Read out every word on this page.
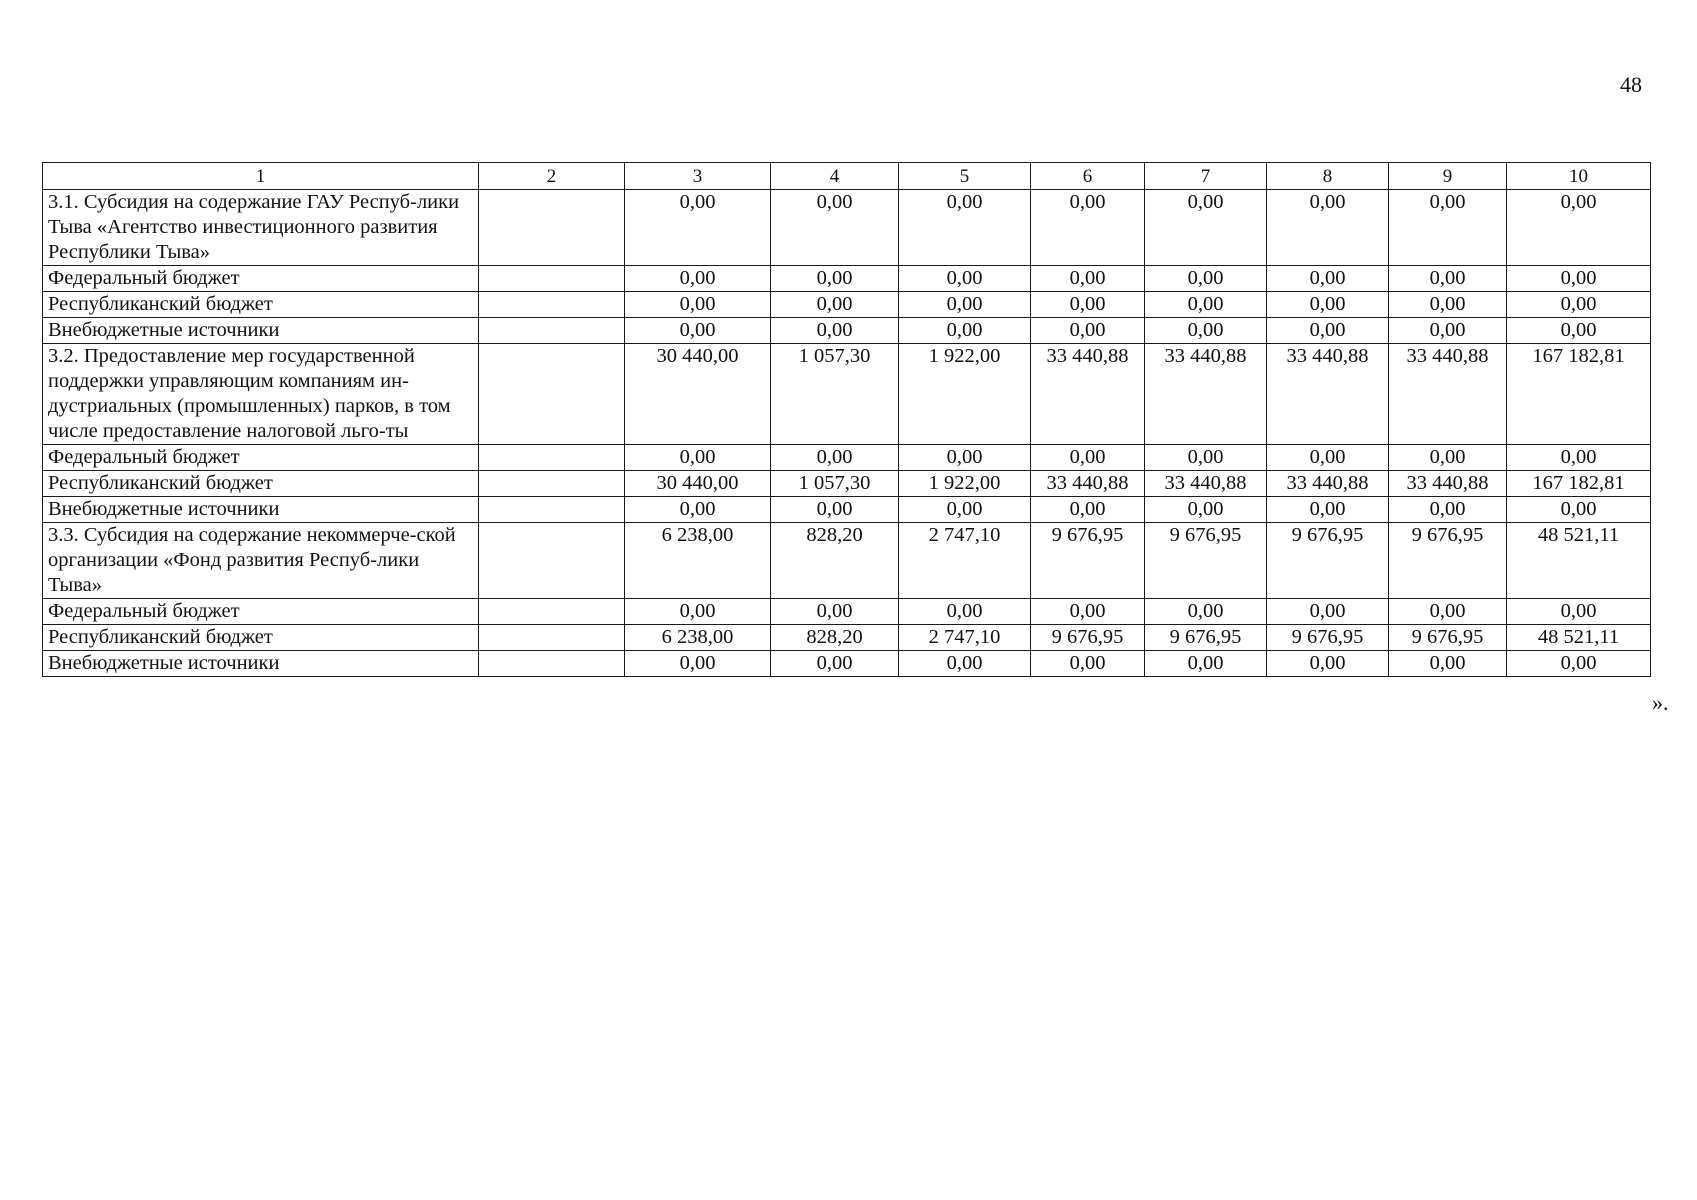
48
1	2	3	4	5	6	7	8	9	10
3.1. Субсидия на содержание ГАУ Респуб-лики Тыва «Агентство инвестиционного развития Республики Тыва»		0,00	0,00	0,00	0,00	0,00	0,00	0,00	0,00
Федеральный бюджет		0,00	0,00	0,00	0,00	0,00	0,00	0,00	0,00
Республиканский бюджет		0,00	0,00	0,00	0,00	0,00	0,00	0,00	0,00
Внебюджетные источники		0,00	0,00	0,00	0,00	0,00	0,00	0,00	0,00
3.2. Предоставление мер государственной поддержки управляющим компаниям ин-дустриальных (промышленных) парков, в том числе предоставление налоговой льго-ты		30 440,00	1 057,30	1 922,00	33 440,88	33 440,88	33 440,88	33 440,88	167 182,81
Федеральный бюджет		0,00	0,00	0,00	0,00	0,00	0,00	0,00	0,00
Республиканский бюджет		30 440,00	1 057,30	1 922,00	33 440,88	33 440,88	33 440,88	33 440,88	167 182,81
Внебюджетные источники		0,00	0,00	0,00	0,00	0,00	0,00	0,00	0,00
3.3. Субсидия на содержание некоммерче-ской организации «Фонд развития Респуб-лики Тыва»		6 238,00	828,20	2 747,10	9 676,95	9 676,95	9 676,95	9 676,95	48 521,11
Федеральный бюджет		0,00	0,00	0,00	0,00	0,00	0,00	0,00	0,00
Республиканский бюджет		6 238,00	828,20	2 747,10	9 676,95	9 676,95	9 676,95	9 676,95	48 521,11
Внебюджетные источники		0,00	0,00	0,00	0,00	0,00	0,00	0,00	0,00
».
